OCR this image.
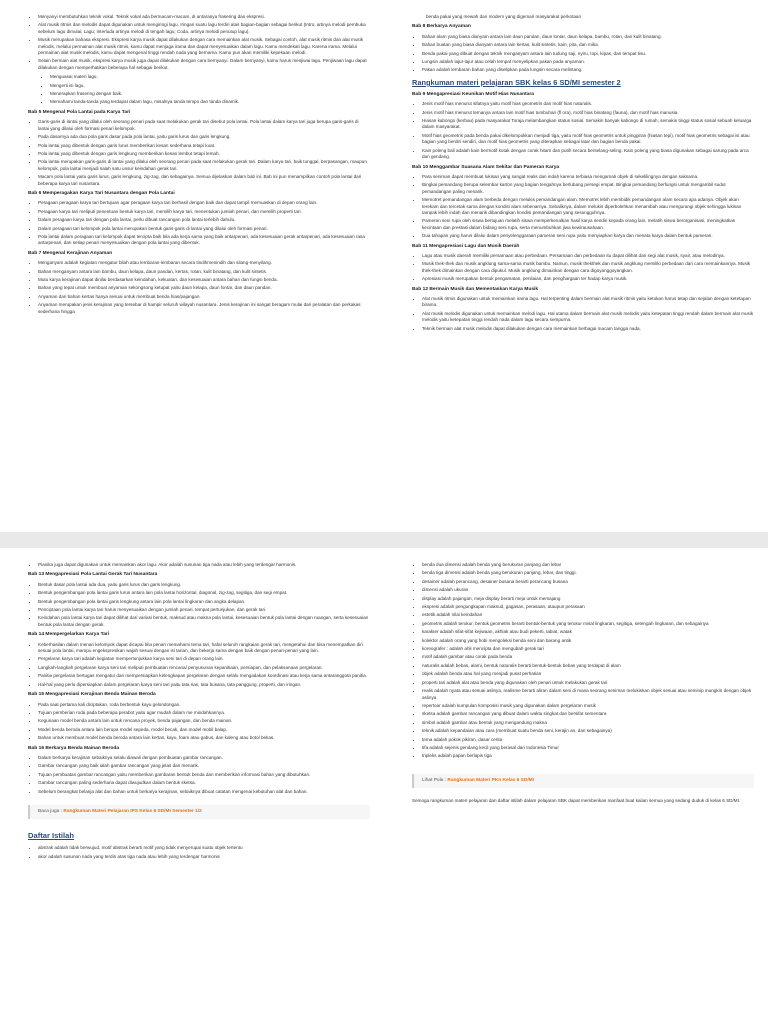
• Menyanyi membutuhkan teknik vokal. Teknik vokal ada bermacam-macam, di antaranya frasering dan ekspresi.
• Alat musik ritmis dan melodis dapat digunakan untuk mengiringi lagu. Iringan suatu lagu terdiri atas bagian-bagian sebagai berikut (Intro, artinya melodi pembuka sebelum lagu dimulai; Lagu; Interluda artinya melodi di tengah lagu; Coda, artinya melodi penutup lagu).
• Musik merupakan bahasa ekspresi. Ekspresi karya musik dapat dilakukan dengan cara memainkan alat musik. Sebagai contoh, alat musik ritmis dan alat musik melodis, melalui permainan alat musik ritmis, kamu dapat menjaga irama dan dapat menyesuaikan dalam lagu. Kamu mendekati lagu. Karena irama. Melalui permainan alat musik melodis, kamu dapat mengenal tinggi rendah nada yang bernama. Kamu pun akan memiliki kepekaan melodi.
• Selain bermain alat musik, ekspresi karya musik juga dapat dilakukan dengan cara bernyanyi. Dalam bernyanyi, kamu harus menjiwai lagu. Penjiwaan lagu dapat dilakukan dengan memperhatikan beberapa hal sebagai berikut.
• Menguasai materi lagu.
• Mengerti isi lagu.
• Menerapkan frasering dengan baik.
• Memahami tanda-tanda yang terdapat dalam lagu, misalnya tanda tempo dan tanda dinamik.
Bab 5 Mengenal Pola Lantai pada Karya Tari
• Garis-garis di lantai yang dilalui oleh seorang penari pada saat melakukan gerak tari disebut pola lantai. Pola lantai dalam karya tari juga berupa garis-garis di lantai yang dilalui oleh formasi penari kelompok.
• Pada dasarnya ada dua pola garis dasar pada pola lantai, yaitu garis lurus dan garis lengkung.
• Pola lantai yang dibentuk dengan garis lurus memberikan kesan sederhana tetapi kuat.
• Pola lantai yang dibentuk dengan garis lengkung memberikan kesan lembut tetapi lemah.
• Pola lantai merupakan garis-garis di lantai yang dilalui oleh seorang penari pada saat melakukan gerak tari. Dalam karya tari, baik tunggal, berpasangan, maupun kelompok, pola lantai menjadi salah satu unsur keindahan gerak tari.
• Macam pola lantai yaitu garis lurus, garis lengkung, zig-zag, dan sebagainya. Semua dijelaskan dalam bab ini. Bab ini pun menampilkan contoh pola lantai dari beberapa karya tari nusantara.
Bab 6 Memperagakan Karya Tari Nusantara dengan Pola Lantai
• Peragaan peragaan karya tari bertujuan agar peragaan karya tari berhasil dengan baik dan dapat tampil memuaskan di depan orang lain.
• Peragaan karya tari meliputi penentuan bentuk karya tari, memilih karya tari, menentukan jumlah penari, dan memilih properti tari.
• Dalam peragaan karya tari dengan pola lantai, perlu dibuat rancangan pola lantai terlebih dahulu.
• Dalam peragaan tari kelompok pola lantai merupakan bentuk garis-garis di lantai yang dilalui oleh formasi penari.
• Pola lantai dalam peragaan tari kelompok dapat tercipta baik bila ada kerja sama yang baik antarpenari, ada kesesuaian gerak antarpenari, ada kesesuaian rasa antarpenari, dan setiap penari menyesuaikan dengan pola lantai yang dibentuk.
Bab 7 Mengenal Kerajinan Anyaman
• Menganyam adalah kegiatan mengatur bilah atau lembaran-lembaran secara tindihmenindih dan silang-menyilang.
• Bahan menganyam antara lain bambu, daun kelapa, daun pandan, kertas, rotan, kulit binatang, dan kulit sintetis.
• Mutu karya kerajinan dapat dinilai berdasarkan keindahan, kekuatan, dan kesesuaian antara bahan dan fungsi benda.
• Bahan yang tepat untuk membuat anyaman sekongsong ketupat yaitu daun kelapa, daun lontar, dan daun pandan.
• Anyaman dari bahan kertas hanya sesuai untuk membuat benda hias/pajangan.
• Anyaman merupakan jenis kerajinan yang tersebar di hampir seluruh wilayah nusantara. Jenis kerajinan ini sangat beragam mulai dari peralatan dan perkakas sederhana hingga
benda pakai yang mewah dan modern yang digemari masyarakat perkotaan
Bab 8 Berkarya Anyaman
• Bahan alam yang biasa dianyam antara lain daun pandan, daun lontar, daun kelapa, bambu, rotan, dan kulit binatang.
• Bahan buatan yang biasa dianyam antara lain kertas, kulit sintetis, kain, pita, dan mika.
• Benda pakai yang dibuat dengan teknik menganyam antara lain tudung saji, nyiru, topi, kipas, dan tempat tisu.
• Lungsin adalah lajur-lajur atau celah tempat menyelipkan pakan pada anyaman.
• Pakan adalah lembaran bahan yang diselipkan pada lungsin secara melintang.
Rangkuman materi pelajaran SBK kelas 6 SD/MI semester 2
Bab 9 Mengapresiasi Keunikan Motif Hias Nusantara
• Jenis motif hias menurut sifatnya yaitu motif hias geometris dan motif hias naturalis.
• Jenis motif hias menurut temanya antara lain motif hias tumbuhan (fl ora), motif hias binatang (fauna), dan motif hias manusia.
• Hiasan kabongo (kerbau) pada masyarakat Toraja melambangkan status sosial. Semakin banyak kabongo di rumah, semakin tinggi status sosial sebuah keluarga dalam masyarakat.
• Motif hias geometris pada benda pakai dikelompokkan menjadi tiga, yaitu motif hias geometris untuk pinggiran (hiasan tepi), motif hias geometris sebagai isi atau bagian yang berdiri sendiri, dan motif hias geometris yang diterapkan sebagai latar dan bagian benda pakai.
• Kain poleng bali adalah kain bermotif kotak dengan corak hitam dan putih secara berselang-seling. Kain poleng yang biasa digunakan sebagai sarung pada arca dan gendang.
Bab 10 Menggambar Suasana Alam Sekitar dan Pameran Karya
• Para seniman dapat membuat lukisan yang sangat realis dan indah karena terbiasa mengamati objek di sekelilingnya dengan saksama.
• Bingkai pemandang berupa selembar karton yang bagian tengahnya berlubang persegi empat. Bingkai pemandang berfungsi untuk mengambil sudut pemandangan paling menarik.
• Memotret pemandangan alam berbeda dengan melukis pemandangan alam. Memotret lebih membidik pemandangan alam secara apa adanya. Objek akan terekam dan tercetak sama dengan kondisi alam sebenarnya. Sebaliknya, dalam melukis diperbolehkan menambah atau mengurangi objek sehingga lukisan tampak lebih indah dan menarik dibandingkan kondisi pemandangan yang sesungguhnya.
• Pameran seni rupa oleh siswa bertujuan melatih siswa memperkenalkan hasil karya sendiri kepada orang lain, melatih siswa berorganisasi, meningkatkan kecintaan dan prestasi dalam bidang seni rupa, serta menumbuhkan jiwa kewirausahaan.
• Dua tahapan yang harus dilalui dalam penyelenggaraan pameran seni rupa yaitu menyiapkan karya dan menata karya dalam bentuk pameran.
Bab 11 Mengapresiasi Lagu dan Musik Daerah
• Lagu atau musik daerah memiliki persamaan atau perbedaan. Persamaan dan perbedaan itu dapat dilihat dari segi alat musik, syair, atau melodinya.
• Musik thek-thek dan musik angklung sama-sama musik bambu. Namun, musik thekthek dan musik angklung memiliki perbedaan dari cara memainkannya. Musik thek-thek dimainkan dengan cara dipukul. Musik angklung dimainkan dengan cara digoyanggoyangkan.
• Apresiasi musik merupakan bentuk pengamatan, penilaian, dan penghargaan ter hadap karya musik.
Bab 12 Bermain Musik dan Mementaskan Karya Musik
• Alat musik ritmis digunakan untuk memainkan irama lagu. Hal terpenting dalam bermain alat musik ritmis yaitu ketukan harus tetap dan sejalan dengan ketetapan birama.
• Alat musik melodis digunakan untuk memainkan melodi lagu. Hal utama dalam bermain alat musik melodis yaitu ketepatan tinggi rendah dalam bermain alat musik melodis yaitu ketepatan tinggi rendah nada dalam lagu secara sempurna.
• Teknik bermain alat musik melodis dapat dilakukan dengan cara memainkan berbagai macam tangga nada.
• Pianika juga dapat digunakan untuk memainkan akor lagu. Akor adalah susunan tiga nada atau lebih yang terdengar harmonis.
Bab 13 Mengapresiasi Pola Lantai Gerak Tari Nusantara
• Bentuk dasar pola lantai ada dua, yaitu garis lurus dan garis lengkung.
• Bentuk pengembangan pola lantai garis lurus antara lain pola lantai horizontal, diagonal, zig-zag, segitiga, dan segi empat.
• Bentuk pengembangan pola lantai garis lengkung antara lain pola lantai lingkaran dan angka delapan.
• Penciptaan pola lantai karya tari harus menyesuaikan dengan jumlah penari, tempat pertunjukan, dan gerak tari.
• Keindahan pola lantai karya tari dapat dilihat dari variasi bentuk, maksud atau makna pola lantai, kesesuaian bentuk pola lantai dengan ruangan, serta kesesuaian bentuk pola lantai dengan gerak.
Bab 14 Mempergelarkan Karya Tari
• Keberhasilan dalam menari kelompok dapat dicapai bila penari memahami tema tari, hafal seluruh rangkaian gerak tari, mengetahui dan bisa menempatkan diri sesuai pola lantai, mampu engekspresikan wajah sesuai dengan isi tarian, dan bekerja sama dengan baik dengan penari-penari yang lain.
• Pergelaran karya tari adalah kegiatan mempertunjukkan karya seni tari di depan orang lain.
• Langkah-langkah pergelaran karya seni tari meliputi pembuatan rencana/ penyusunan kepanitiaan, persiapan, dan pelaksanaan pergelaran.
• Panitia pergelaran bertugas mengatur dan mempersiapkan kelengkapan pergelaran dengan selalu mengadakan koordinasi atau kerja sama antaranggota panitia.
• Hal-hal yang perlu dipersiapkan dalam pergelaran karya seni tari yaitu tata rias, tata busana, tata panggung, properti, dan iringan.
Bab 15 Mengapresiasi Kerajinan Benda Mainan Beroda
• Pada saat pertama kali diciptakan, roda berbentuk kayu gelondongan.
• Tujuan pemberian roda pada beberapa perabot yaitu agar mudah dalam me mindahkannya.
• Kegunaan model benda antara lain untuk rencana proyek, benda pajangan, dan benda mainan.
• Model benda beroda antara lain berupa model sepeda, model becak, dan model mobil balap.
• Bahan untuk membuat model benda beroda antara lain kertas, kayu, foam atau gabus, dan kaleng atau botol bekas.
Bab 16 Berkarya Benda Mainan Beroda
• Dalam berkarya kerajinan sebaiknya selalu diawali dengan pembuatan gambar rancangan.
• Gambar rancangan yang baik ialah gambar rancangan yang jelas dan menarik.
• Tujuan pembuatan gambar rancangan yaitu memberikan gambaran bentuk benda dan memberikan informasi bahan yang dibutuhkan.
• Gambar rancangan paling sederhana dapat diwujudkan dalam bentuk sketsa.
• Sebelum berangkat belanja alat dan bahan untuk berkarya kerajinan, sebaiknya dibuat catatan mengenai kebutuhan alat dan bahan.
Baca juga : Rangkuman Materi Pelajaran IPS Kelas 6 SD/MI Semester 1/2
Daftar Istilah
• abstrak adalah tidak berwujud, motif abstrak berarti motif yang tidak menyerupai suatu objek tertentu
• akor adalah susunan nada yang terdiri atas tiga nada atau lebih yang terdengar harmonis
• benda dua dimensi adalah benda yang berukuran panjang dan lebar
• benda tiga dimensi adalah benda yang berukuran panjang, lebar, dan tinggi.
• desainer adalah perancang, desainer busana berarti perancang busana
• dimensi adalah ukuran
• display adalah pajangan, meja display berarti meja untuk memajang
• ekspresi adalah pengungkapan maksud, gagasan, perasaan, ataupun perasaan
• estetik adalah nilai keindahan
• geometris adalah terukur, bentuk geometris berarti bentuk-bentuk yang terukur misal lingkaran, segitiga, setengah lingkaran, dan sebagainya
• karakter adalah sifat-sifat kejiwaan, akhlak atau budi pekerti, tabiat, watak
• kolektor adalah orang yang hobi mengoleksi benda seni dan barang antik
• koreografer : adalah ahli mencipta dan mengubah gerak tari
• motif adalah gambar atau corak pada benda
• naturalis adalah bebas, alami, bentuk naturalis berarti bentuk-bentuk bebas yang terdapat di alam
• objek adalah benda atau hal yang menjadi pusat perhatian
• properti tari adalah alat atau benda yang digunakan oleh penari untuk melakukan gerak tari
• realis adalah nyata atau sesuai aslinya, realisme berarti aliran dalam seni di mana seorang seniman melukiskan objek sesuai atau seminip mungkin dengan objek aslinya
• repertoar adalah kumpulan komposisi musik yang digunakan dalam pergelaran musik
• sketsa adalah gambar rancangan yang dibuat dalam waktu singkat dan bersifat sementara
• simbol adalah gambar atau bentuk yang mengandung makna
• teknik adalah kepandaian atau cara (membuat suatu benda seni, kerajin an, dan sebagainya)
• tema adalah pokok pikiran, dasar cerita
• tifa adalah sejenis gendang kecil yang berasal dari Indonesia Timur
• tripleks adalah papan berlapis tiga
Lihat Pula : Rangkuman Materi PKn Kelas 6 SD/MI
Semoga rangkuman materi pelajaran dan daftar istilah dalam pelajaran SBK dapat memberikan manfaat buat kalian semua yang sedang duduk di kelas 6 SD/MI.
